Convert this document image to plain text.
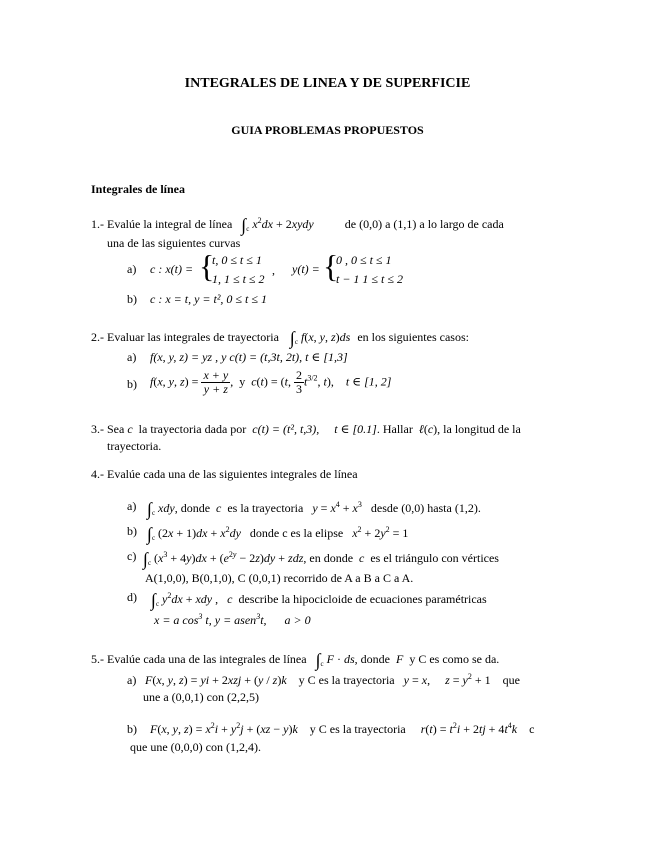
INTEGRALES DE LINEA Y DE SUPERFICIE
GUIA PROBLEMAS PROPUESTOS
Integrales de línea
1.- Evalúe la integral de línea $\int_c$ $x^2dx$ + 2xydy	de (0,0) a (1,1) a lo largo de cada
una de las siguientes curvas
a) c : x(t) = {
t, 0 ≤ t ≤ 1
1, 1 ≤ t ≤ 2
, y(t) = {
0 , 0 ≤ t ≤ 1
t − 1 1 ≤ t ≤ 2
b) c : x = t, y = t², 0 ≤ t ≤ 1
2.- Evaluar las integrales de trayectoria $\int_c$ f(x, y, z)ds en los siguientes casos:
a) f(x, y, z) = yz , y c(t) = (t,3t, 2t), t ∈ [1,3]
b) f(x, y, $z) = \frac{x + y}{y + z}$ ,  y  c(t) = (t, $\frac{2}{3} t^{3/2}$, t),    t ∈ [1, 2]
3.- Sea c la trayectoria dada por c(t) = (t², t,3), t ∈ [0.1]. Hallar ℓ(c), la longitud de la
trayectoria.
4.- Evalúe cada una de las siguientes integrales de línea
a) $\int_c$ xdy, donde c es la trayectoria $y = x^4 + x^3$ desde (0,0) hasta (1,2).
b) $\int_c$ $(2x + 1)dx + x^2dy$ donde c es la elipse $x^2 + 2y^2 = 1$
c) $\int_c$ $(x^3 + 4y)dx + (e^{2y} - 2z)dy$ + zdz, en donde c es el triángulo con vértices
A(1,0,0), B(0,1,0), C (0,0,1) recorrido de A a B a C a A.
d) $\int_c$ $y^2dx$ + xdy ,   c describe la hipocicloide de ecuaciones paramétricas
x = a $\cos^3 t$, y = asen$^3$t,      a > 0
5.- Evalúe cada una de las integrales de línea $\int_c$ F · ds, donde F y C es como se da.
a) F(x, y, z) = yi + 2xzj + (y / z)k y C es la trayectoria y = x,     $z = y^2 + 1$    que
une a (0,0,1) con (2,2,5)
b) F(x, y, $z) = x^2i + y^2j + (xz - y)k$ y C es la trayectoria $r(t) = t^2i + 2tj + 4t^4k$ c
que une (0,0,0) con (1,2,4).
